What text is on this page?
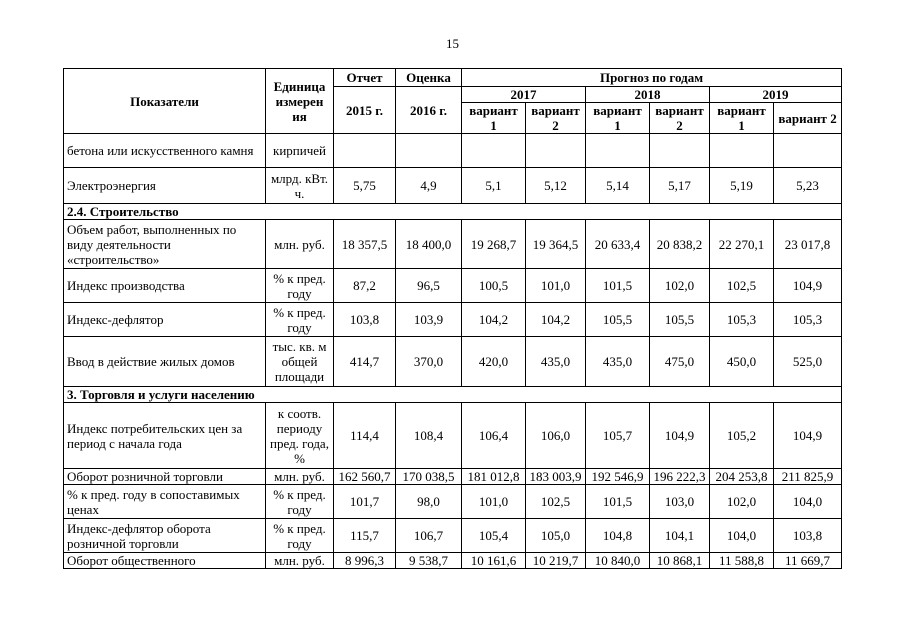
15
Показатели	Единица измерен ия	Отчет	Оценка	Прогноз по годам					
		2015 г.	2016 г.	2017		2018		2019	
				вариант 1	вариант 2	вариант 1	вариант 2	вариант 1	вариант 2
бетона или искусственного камня	кирпичей								
Электроэнергия	млрд. кВт. ч.	5,75	4,9	5,1	5,12	5,14	5,17	5,19	5,23
2.4. Строительство									
Объем работ, выполненных по виду деятельности «строительство»	млн. руб.	18 357,5	18 400,0	19 268,7	19 364,5	20 633,4	20 838,2	22 270,1	23 017,8
Индекс производства	% к пред. году	87,2	96,5	100,5	101,0	101,5	102,0	102,5	104,9
Индекс-дефлятор	% к пред. году	103,8	103,9	104,2	104,2	105,5	105,5	105,3	105,3
Ввод в действие жилых домов	тыс. кв. м общей площади	414,7	370,0	420,0	435,0	435,0	475,0	450,0	525,0
3. Торговля и услуги населению									
Индекс потребительских цен за период с начала года	к соотв. периоду пред. года, %	114,4	108,4	106,4	106,0	105,7	104,9	105,2	104,9
Оборот розничной торговли	млн. руб.	162 560,7	170 038,5	181 012,8	183 003,9	192 546,9	196 222,3	204 253,8	211 825,9
% к пред. году в сопоставимых ценах	% к пред. году	101,7	98,0	101,0	102,5	101,5	103,0	102,0	104,0
Индекс-дефлятор оборота розничной торговли	% к пред. году	115,7	106,7	105,4	105,0	104,8	104,1	104,0	103,8
Оборот общественного	млн. руб.	8 996,3	9 538,7	10 161,6	10 219,7	10 840,0	10 868,1	11 588,8	11 669,7
